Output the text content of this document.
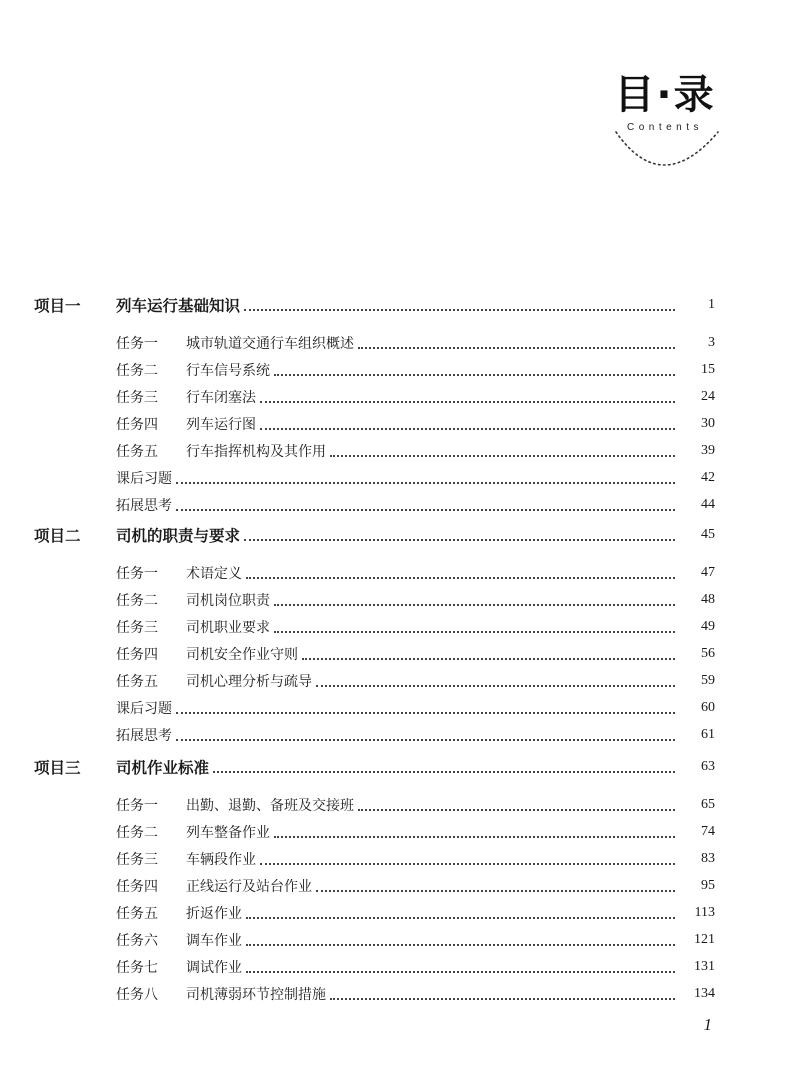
目·录
Contents
项目一	列车运行基础知识	1
任务一	城市轨道交通行车组织概述	3
任务二	行车信号系统	15
任务三	行车闭塞法	24
任务四	列车运行图	30
任务五	行车指挥机构及其作用	39
课后习题	42
拓展思考	44
项目二	司机的职责与要求	45
任务一	术语定义	47
任务二	司机岗位职责	48
任务三	司机职业要求	49
任务四	司机安全作业守则	56
任务五	司机心理分析与疏导	59
课后习题	60
拓展思考	61
项目三	司机作业标准	63
任务一	出勤、退勤、备班及交接班	65
任务二	列车整备作业	74
任务三	车辆段作业	83
任务四	正线运行及站台作业	95
任务五	折返作业	113
任务六	调车作业	121
任务七	调试作业	131
任务八	司机薄弱环节控制措施	134
1
